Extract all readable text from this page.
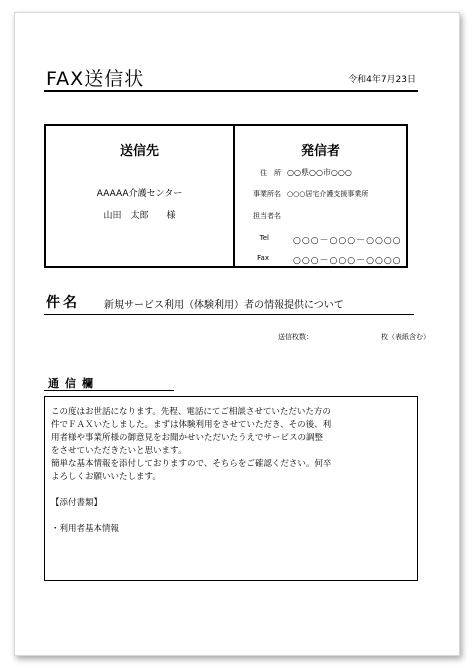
FAX送信状	令和4年7月23日
送信先
AAAAA介護センター
山田　太郎　　様
発信者
住　所 ○○県○○市○○○
事業所名 ○○○居宅介護支援事業所
担当者名
Tel	○○○－○○○－○○○○
Fax	○○○－○○○－○○○○
件名 新規サービス利用（体験利用）者の情報提供について
送信枚数：	枚（表紙含む）
通信欄
この度はお世話になります。先程、電話にてご相談させていただいた方の
件でＦＡＸいたしました。まずは体験利用をさせていただき、その後、利
用者様や事業所様の御意見をお聞かせいただいたうえでサービスの調整
をさせていただきたいと思います。
簡単な基本情報を添付しておりますので、そちらをご確認ください。何卒
よろしくお願いいたします。
【添付書類】
・利用者基本情報
